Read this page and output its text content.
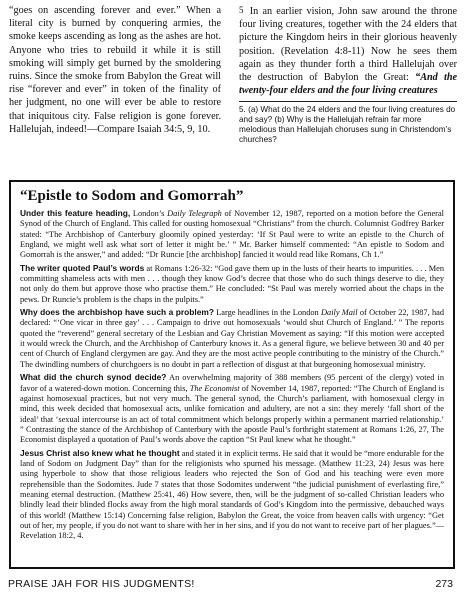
“goes on ascending forever and ever.” When a literal city is burned by conquering armies, the smoke keeps ascending as long as the ashes are hot. Anyone who tries to rebuild it while it is still smoking will simply get burned by the smoldering ruins. Since the smoke from Babylon the Great will rise “forever and ever” in token of the finality of her judgment, no one will ever be able to restore that iniquitous city. False religion is gone forever. Hallelujah, indeed!—Compare Isaiah 34:5, 9, 10.

5 In an earlier vision, John saw around the throne four living creatures, together with the 24 elders that picture the Kingdom heirs in their glorious heavenly position. (Revelation 4:8-11) Now he sees them again as they thunder forth a third Hallelujah over the destruction of Babylon the Great: “And the twenty-four elders and the four living creatures

5. (a) What do the 24 elders and the four living creatures do and say? (b) Why is the Hallelujah refrain far more melodious than Hallelujah choruses sung in Christendom’s churches?

“Epistle to Sodom and Gomorrah”

Under this feature heading, London’s Daily Telegraph of November 12, 1987, reported on a motion before the General Synod of the Church of England. This called for ousting homosexual “Christians” from the church. Columnist Godfrey Barker stated: “The Archbishop of Canterbury gloomily opined yesterday: ‘If St Paul were to write an epistle to the Church of England, we might well ask what sort of letter it might be.’ ” Mr. Barker himself commented: “An epistle to Sodom and Gomorrah is the answer,” and added: “Dr Runcie [the archbishop] fancied it would read like Romans, Ch 1.”

The writer quoted Paul’s words at Romans 1:26-32: “God gave them up in the lusts of their hearts to impurities. . . . Men committing shameless acts with men . . . though they know God’s decree that those who do such things deserve to die, they not only do them but approve those who practise them.” He concluded: “St Paul was merely worried about the chaps in the pews. Dr Runcie’s problem is the chaps in the pulpits.”

Why does the archbishop have such a problem? Large headlines in the London Daily Mail of October 22, 1987, had declared: “‘One vicar in three gay’ . . . Campaign to drive out homosexuals ‘would shut Church of England.’ ” The reports quoted the “reverend” general secretary of the Lesbian and Gay Christian Movement as saying: “If this motion were accepted it would wreck the Church, and the Archbishop of Canterbury knows it. As a general figure, we believe between 30 and 40 per cent of Church of England clergymen are gay. And they are the most active people contributing to the ministry of the Church.” The dwindling numbers of churchgoers is no doubt in part a reflection of disgust at that burgeoning homosexual ministry.

What did the church synod decide? An overwhelming majority of 388 members (95 percent of the clergy) voted in favor of a watered-down motion. Concerning this, The Economist of November 14, 1987, reported: “The Church of England is against homosexual practices, but not very much. The general synod, the Church’s parliament, with homosexual clergy in mind, this week decided that homosexual acts, unlike fornication and adultery, are not a sin: they merely ‘fall short of the ideal’ that ‘sexual intercourse is an act of total commitment which belongs properly within a permanent married relationship.’ ” Contrasting the stance of the Archbishop of Canterbury with the apostle Paul’s forthright statement at Romans 1:26, 27, The Economist displayed a quotation of Paul’s words above the caption “St Paul knew what he thought.”

Jesus Christ also knew what he thought and stated it in explicit terms. He said that it would be “more endurable for the land of Sodom on Judgment Day” than for the religionists who spurned his message. (Matthew 11:23, 24) Jesus was here using hyperbole to show that those religious leaders who rejected the Son of God and his teaching were even more reprehensible than the Sodomites. Jude 7 states that those Sodomites underwent “the judicial punishment of everlasting fire,” meaning eternal destruction. (Matthew 25:41, 46) How severe, then, will be the judgment of so-called Christian leaders who blindly lead their blinded flocks away from the high moral standards of God’s Kingdom into the permissive, debauched ways of this world! (Matthew 15:14) Concerning false religion, Babylon the Great, the voice from heaven calls with urgency: “Get out of her, my people, if you do not want to share with her in her sins, and if you do not want to receive part of her plagues.”—Revelation 18:2, 4.

PRAISE JAH FOR HIS JUDGMENTS!	273
